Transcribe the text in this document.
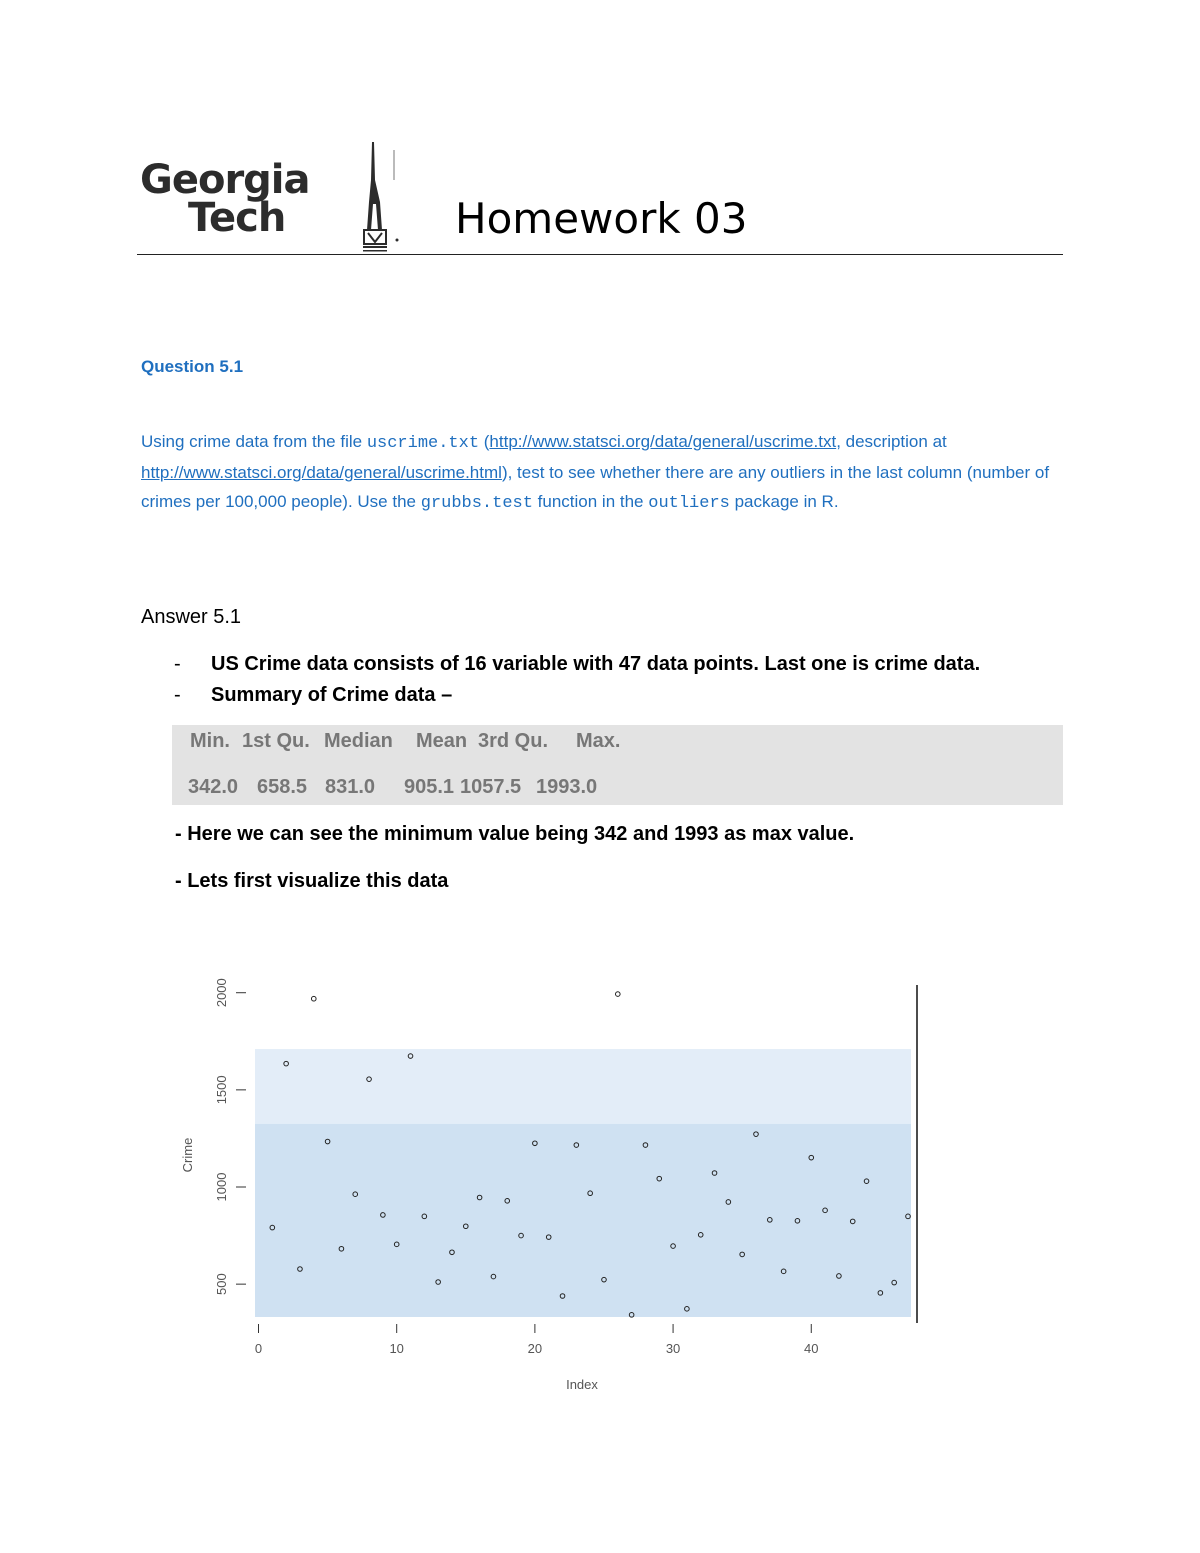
Georgia
Tech	Homework 03
Question 5.1
Using crime data from the file uscrime.txt (http://www.statsci.org/data/general/uscrime.txt, description at http://www.statsci.org/data/general/uscrime.html), test to see whether there are any outliers in the last column (number of crimes per 100,000 people). Use the grubbs.test function in the outliers package in R.
Answer 5.1
- US Crime data consists of 16 variable with 47 data points. Last one is crime data.
- Summary of Crime data –
Min. 1st Qu. Median Mean 3rd Qu. Max.
342.0 658.5 831.0 905.1 1057.5 1993.0
- Here we can see the minimum value being 342 and 1993 as max value.
- Lets first visualize this data
500
1000
1500
2000
0	10	20	30	40
Crime
Index
